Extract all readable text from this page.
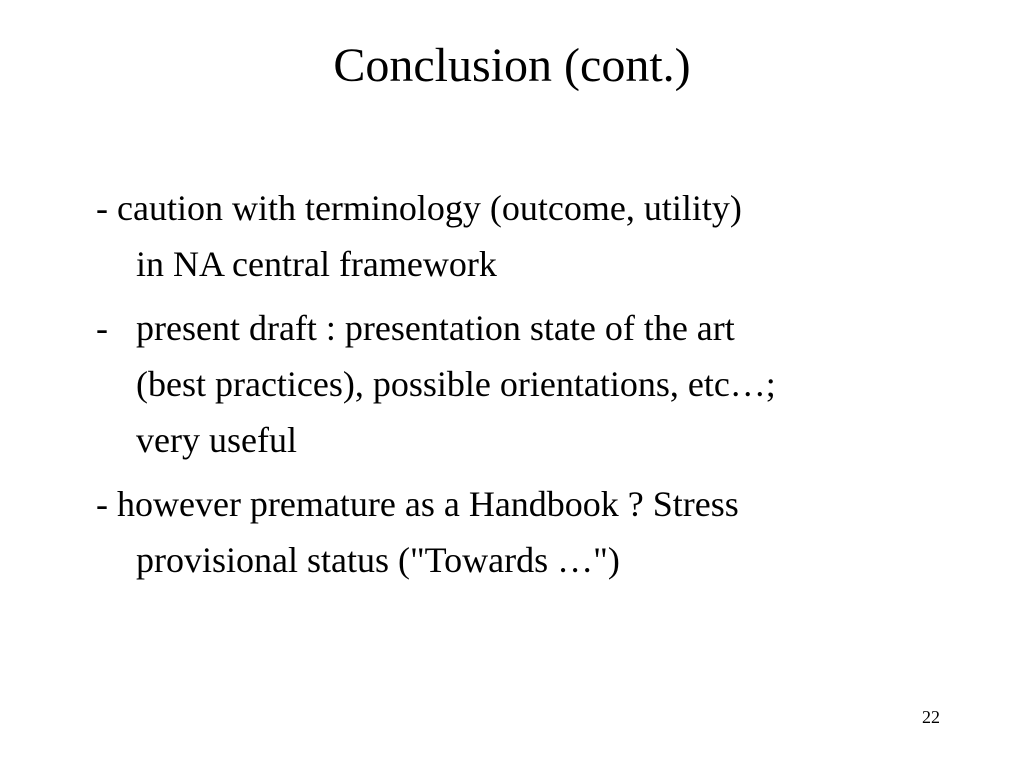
Conclusion (cont.)
- caution with terminology (outcome, utility)
in NA central framework
- present draft : presentation state of the art
(best practices), possible orientations, etc…;
very useful
- however premature as a Handbook ? Stress
provisional status ("Towards …")
22
